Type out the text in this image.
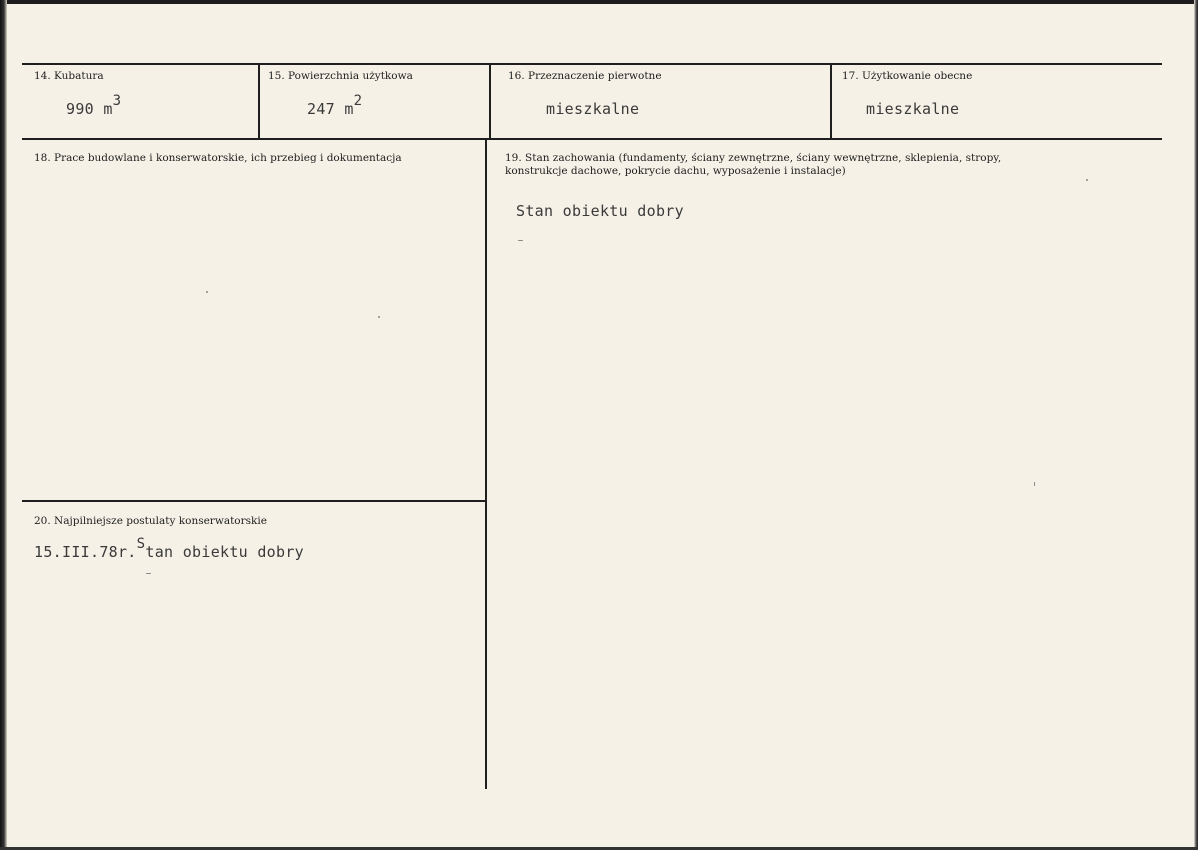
14. Kubatura
990 m3
15. Powierzchnia użytkowa
247 m2
16. Przeznaczenie pierwotne
mieszkalne
17. Użytkowanie obecne
mieszkalne
18. Prace budowlane i konserwatorskie, ich przebieg i dokumentacja	19. Stan zachowania (fundamenty, ściany zewnętrzne, ściany wewnętrzne, sklepienia, stropy,
konstrukcje dachowe, pokrycie dachu, wyposażenie i instalacje)
Stan obiektu dobry
20. Najpilniejsze postulaty konserwatorskie
15.III.78r.Stan obiektu dobry
